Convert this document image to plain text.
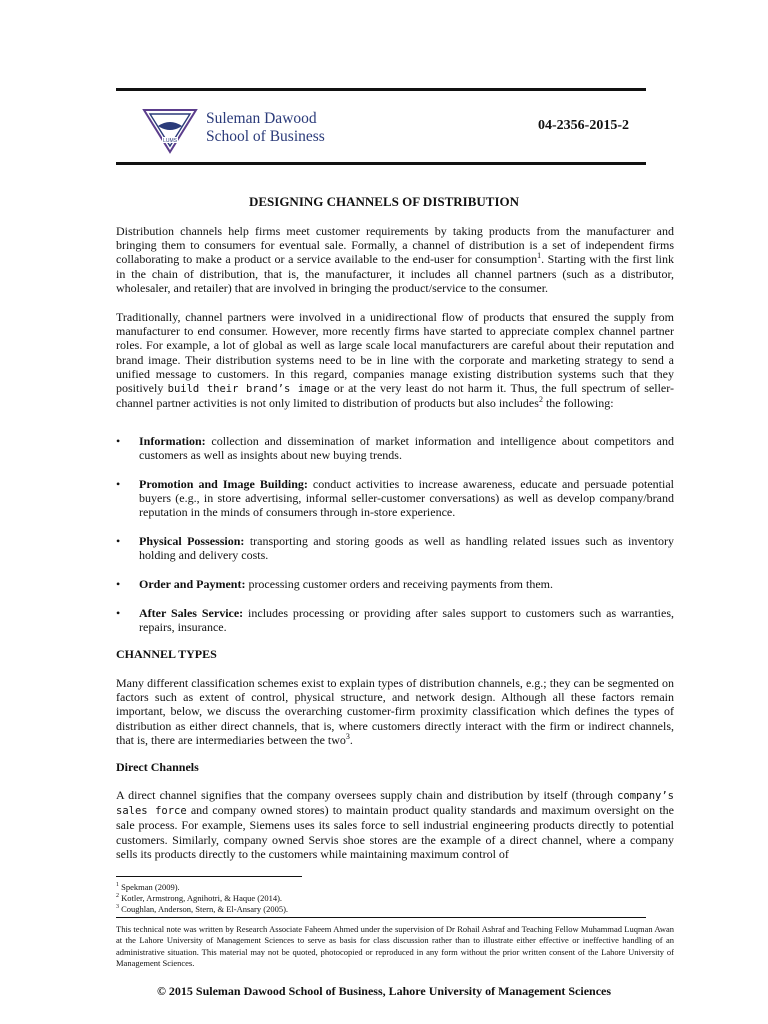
LUMS
Suleman Dawood
School of Business
04-2356-2015-2
DESIGNING CHANNELS OF DISTRIBUTION
Distribution channels help firms meet customer requirements by taking products from the manufacturer and bringing them to consumers for eventual sale. Formally, a channel of distribution is a set of independent firms collaborating to make a product or a service available to the end-user for consumption$^1$. Starting with the first link in the chain of distribution, that is, the manufacturer, it includes all channel partners (such as a distributor, wholesaler, and retailer) that are involved in bringing the product/service to the consumer.
Traditionally, channel partners were involved in a unidirectional flow of products that ensured the supply from manufacturer to end consumer. However, more recently firms have started to appreciate complex channel partner roles. For example, a lot of global as well as large scale local manufacturers are careful about their reputation and brand image. Their distribution systems need to be in line with the corporate and marketing strategy to send a unified message to customers. In this regard, companies manage existing distribution systems such that they positively build their brand’s image or at the very least do not harm it. Thus, the full spectrum of seller-channel partner activities is not only limited to distribution of products but also includes$^2$ the following:
• Information: collection and dissemination of market information and intelligence about competitors and customers as well as insights about new buying trends.
• Promotion and Image Building: conduct activities to increase awareness, educate and persuade potential buyers (e.g., in store advertising, informal seller-customer conversations) as well as develop company/brand reputation in the minds of consumers through in-store experience.
• Physical Possession: transporting and storing goods as well as handling related issues such as inventory holding and delivery costs.
• Order and Payment: processing customer orders and receiving payments from them.
• After Sales Service: includes processing or providing after sales support to customers such as warranties, repairs, insurance.
CHANNEL TYPES
Many different classification schemes exist to explain types of distribution channels, e.g.; they can be segmented on factors such as extent of control, physical structure, and network design. Although all these factors remain important, below, we discuss the overarching customer-firm proximity classification which defines the types of distribution as either direct channels, that is, where customers directly interact with the firm or indirect channels, that is, there are intermediaries between the two$^3$.
Direct Channels
A direct channel signifies that the company oversees supply chain and distribution by itself (through company’s sales force and company owned stores) to maintain product quality standards and maximum oversight on the sale process. For example, Siemens uses its sales force to sell industrial engineering products directly to potential customers. Similarly, company owned Servis shoe stores are the example of a direct channel, where a company sells its products directly to the customers while maintaining maximum control of
$^1$ Spekman (2009).
$^2$ Kotler, Armstrong, Agnihotri, & Haque (2014).
$^3$ Coughlan, Anderson, Stern, & El-Ansary (2005).
This technical note was written by Research Associate Faheem Ahmed under the supervision of Dr Rohail Ashraf and Teaching Fellow Muhammad Luqman Awan at the Lahore University of Management Sciences to serve as basis for class discussion rather than to illustrate either effective or ineffective handling of an administrative situation. This material may not be quoted, photocopied or reproduced in any form without the prior written consent of the Lahore University of Management Sciences.
© 2015 Suleman Dawood School of Business, Lahore University of Management Sciences
